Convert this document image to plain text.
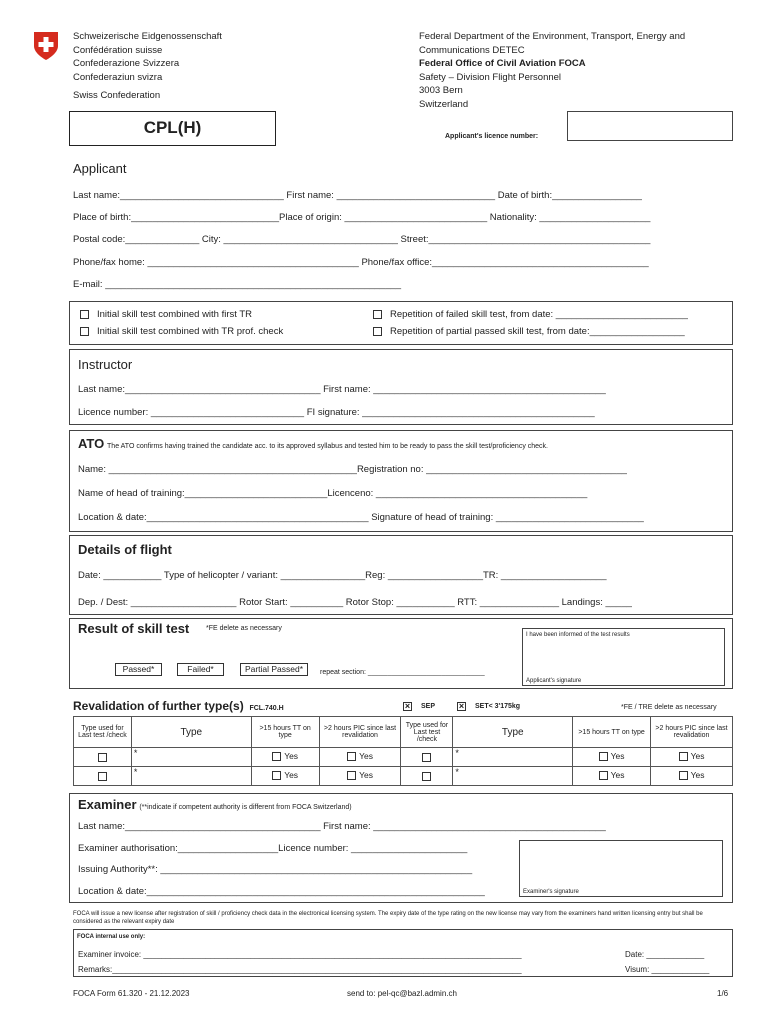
Schweizerische Eidgenossenschaft
Confédération suisse
Confederazione Svizzera
Confederaziun svizra
Swiss Confederation
Federal Department of the Environment, Transport, Energy and
Communications DETEC
Federal Office of Civil Aviation FOCA
Safety – Division Flight Personnel
3003 Bern
Switzerland
CPL(H)	Applicant's licence number:
Applicant
Last name:_______________________________ First name: ______________________________ Date of birth:_________________
Place of birth:____________________________Place of origin: ___________________________ Nationality: _____________________
Postal code:______________ City: _________________________________ Street:__________________________________________
Phone/fax home: ________________________________________ Phone/fax office:_________________________________________
E-mail: ________________________________________________________
Initial skill test combined with first TR
Initial skill test combined with TR prof. check
Repetition of failed skill test, from date: _________________________
Repetition of partial passed skill test, from date:__________________
Instructor
Last name:_____________________________________ First name: ____________________________________________
Licence number: _____________________________ FI signature: ____________________________________________
ATO The ATO confirms having trained the candidate acc. to its approved syllabus and tested him to be ready to pass the skill test/proficiency check.
Name: _______________________________________________Registration no: ______________________________________
Name of head of training:___________________________Licenceno: ________________________________________
Location & date:__________________________________________ Signature of head of training: ____________________________
Details of flight
Date: ___________ Type of helicopter / variant: ________________Reg: __________________TR: ____________________
Dep. / Dest: ____________________ Rotor Start: __________ Rotor Stop: ___________ RTT: _______________ Landings: _____
Result of skill test *FE delete as necessary
Passed*	Failed*	Partial Passed*	repeat section: ______________________________
I have been informed of the test results
Applicant's signature
Revalidation of further type(s) FCL.740.H	× SEP	× SET< 3'175kg	*FE / TRE delete as necessary
Type used for Last test /check	Type	>15 hours TT on type	>2 hours PIC since last revalidation	Type used for Last test /check	Type	>15 hours TT on type	>2 hours PIC since last revalidation
	*	Yes	Yes		*	Yes	Yes

	*	Yes	Yes		*	Yes	Yes
Examiner (**indicate if competent authority is different from FOCA Switzerland)
Last name:_____________________________________ First name: ____________________________________________
Examiner authorisation:___________________Licence number: ______________________
Issuing Authority**: ___________________________________________________________
Location & date:________________________________________________________________	Examiner's signature
FOCA will issue a new license after registration of skill / proficiency check data in the electronical licensing system. The expiry date of the type rating on the new license may vary from the examiners hand written licensing entry but shall be considered as the relevant expiry date
FOCA internal use only:
Examiner invoice: _____________________________________________________________________________________	Date: _____________
Remarks:____________________________________________________________________________________________	Visum: _____________
FOCA Form 61.320 - 21.12.2023	send to: pel-qc@bazl.admin.ch	1/6
